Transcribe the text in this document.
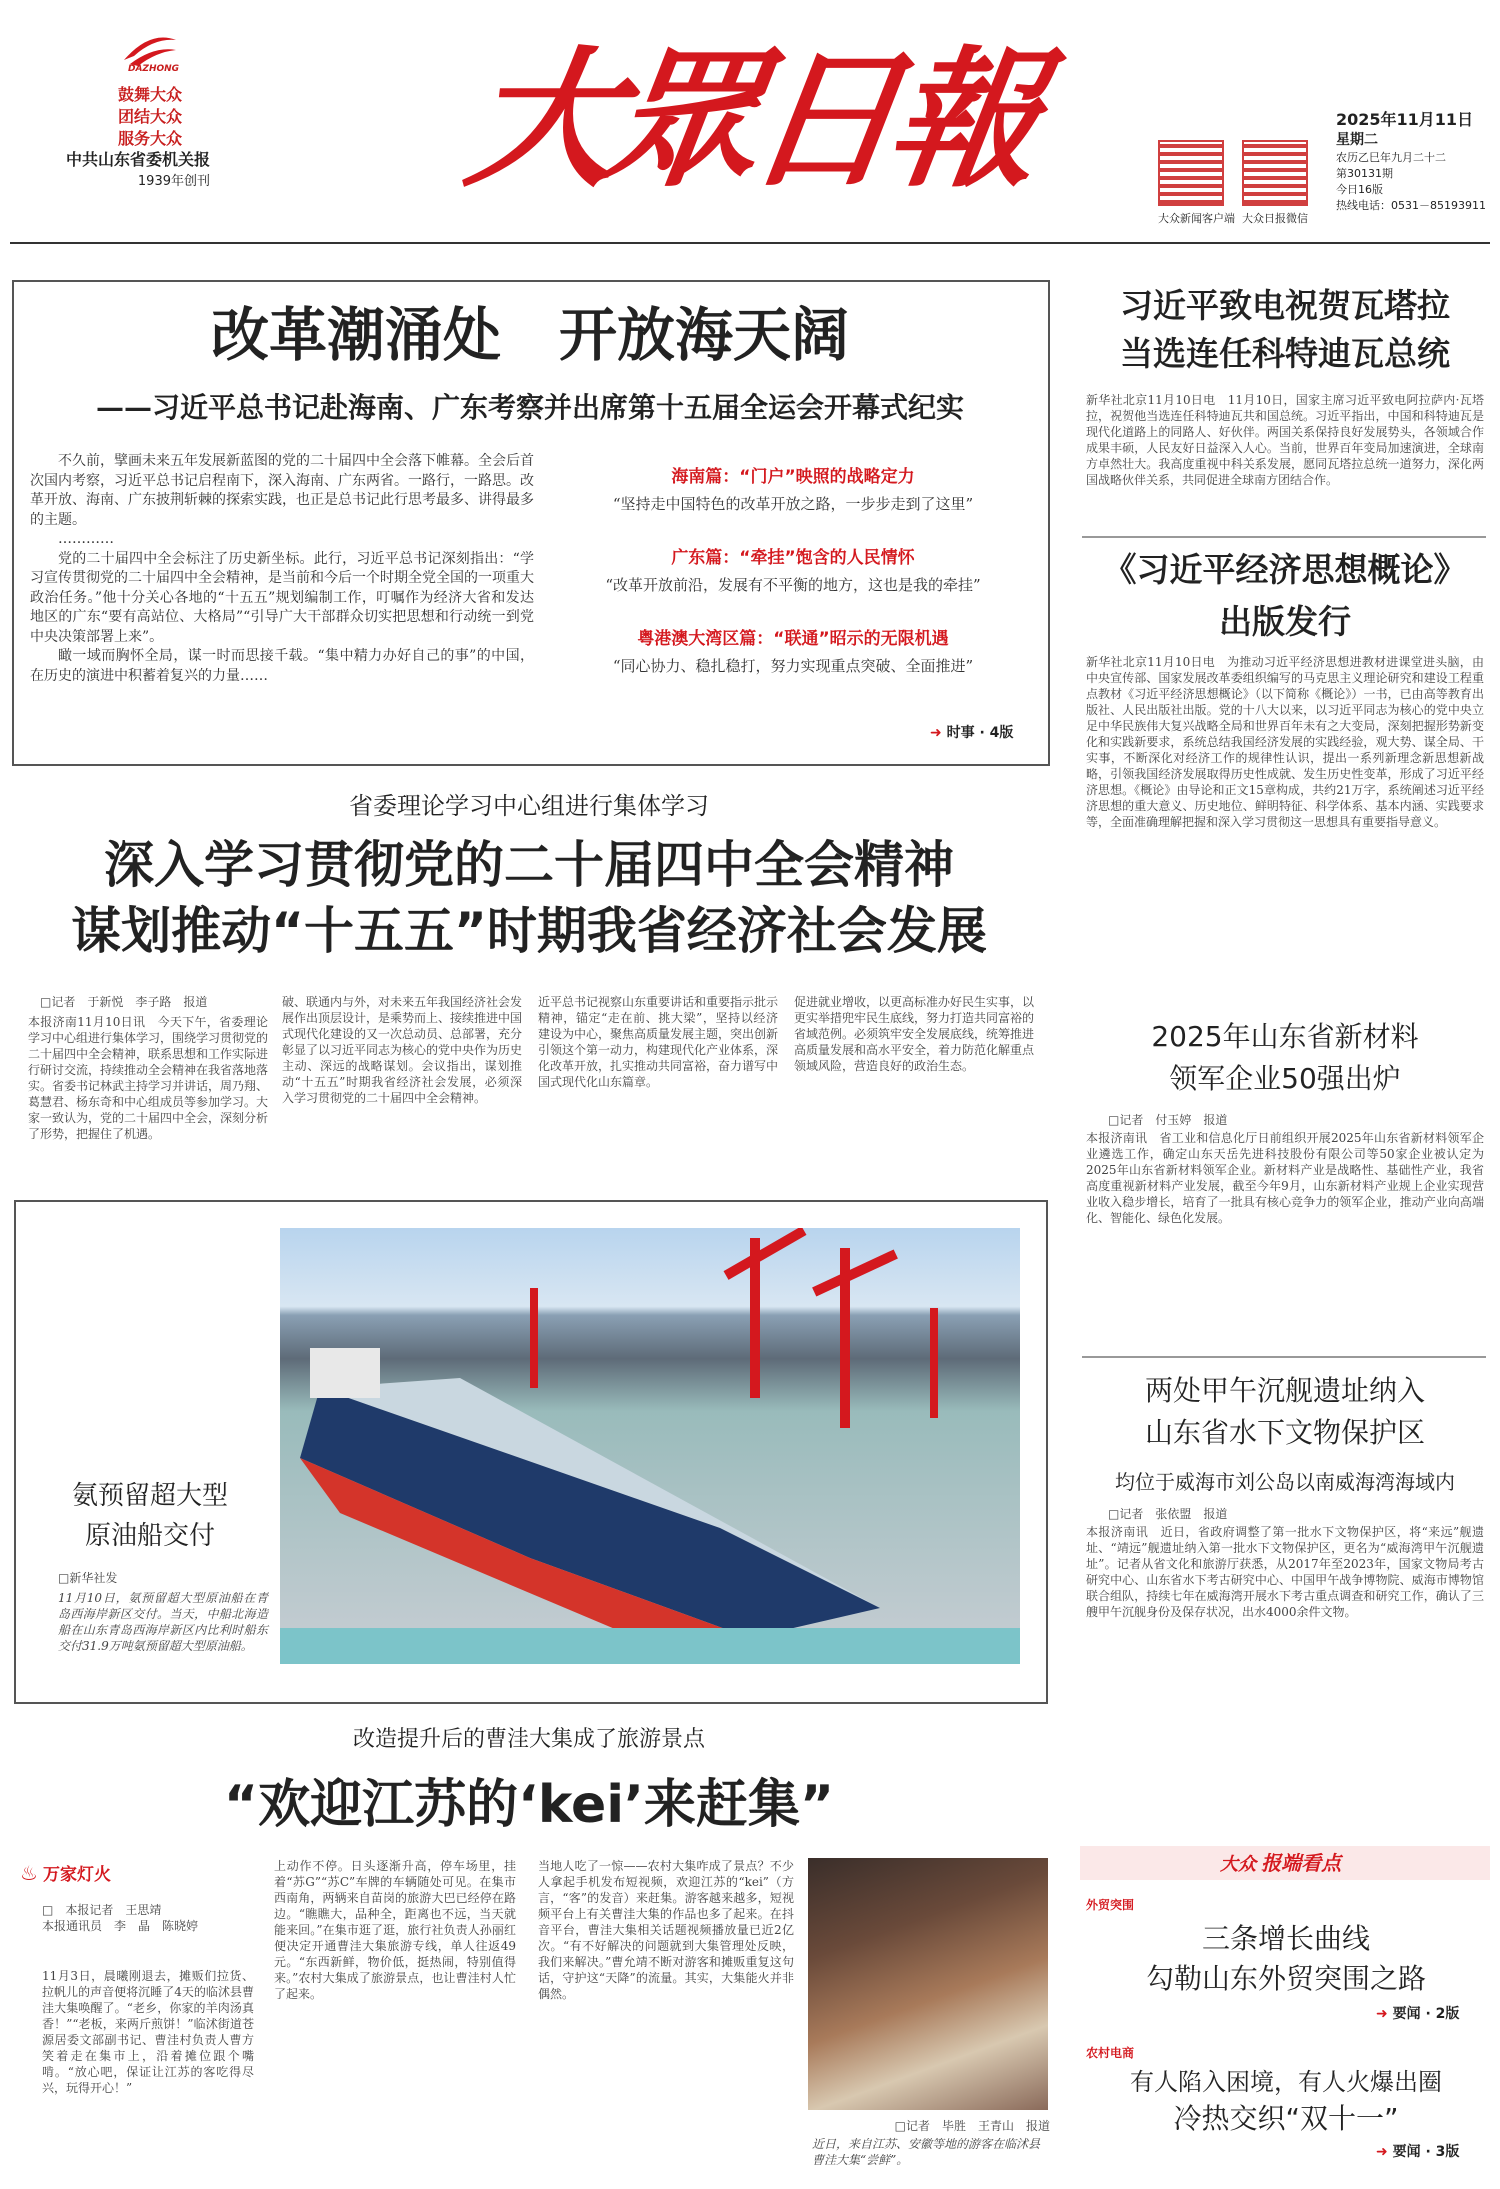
DAZHONG
鼓舞大众
团结大众
服务大众
中共山东省委机关报
1939年创刊 大眾日報
大众新闻客户端 大众日报微信
2025年11月11日
星期二
农历乙巳年九月二十二
第30131期
今日16版
热线电话：0531－85193911
改革潮涌处　开放海天阔
——习近平总书记赴海南、广东考察并出席第十五届全运会开幕式纪实
不久前，擘画未来五年发展新蓝图的党的二十届四中全会落下帷幕。全会后首次国内考察，习近平总书记启程南下，深入海南、广东两省。一路行，一路思。改革开放、海南、广东披荆斩棘的探索实践，也正是总书记此行思考最多、讲得最多的主题。
…………
党的二十届四中全会标注了历史新坐标。此行，习近平总书记深刻指出：“学习宣传贯彻党的二十届四中全会精神，是当前和今后一个时期全党全国的一项重大政治任务。”他十分关心各地的“十五五”规划编制工作，叮嘱作为经济大省和发达地区的广东“要有高站位、大格局”“引导广大干部群众切实把思想和行动统一到党中央决策部署上来”。
瞰一域而胸怀全局，谋一时而思接千载。“集中精力办好自己的事”的中国，在历史的演进中积蓄着复兴的力量……
海南篇：“门户”映照的战略定力
“坚持走中国特色的改革开放之路，一步步走到了这里”
广东篇：“牵挂”饱含的人民情怀
“改革开放前沿，发展有不平衡的地方，这也是我的牵挂”
粤港澳大湾区篇：“联通”昭示的无限机遇
“同心协力、稳扎稳打，努力实现重点突破、全面推进”
➜ 时事 · 4版
习近平致电祝贺瓦塔拉
当选连任科特迪瓦总统
新华社北京11月10日电　11月10日，国家主席习近平致电阿拉萨内·瓦塔拉，祝贺他当选连任科特迪瓦共和国总统。习近平指出，中国和科特迪瓦是现代化道路上的同路人、好伙伴。两国关系保持良好发展势头，各领域合作成果丰硕，人民友好日益深入人心。当前，世界百年变局加速演进，全球南方卓然壮大。我高度重视中科关系发展，愿同瓦塔拉总统一道努力，深化两国战略伙伴关系，共同促进全球南方团结合作。
《习近平经济思想概论》
出版发行
新华社北京11月10日电　为推动习近平经济思想进教材进课堂进头脑，由中央宣传部、国家发展改革委组织编写的马克思主义理论研究和建设工程重点教材《习近平经济思想概论》（以下简称《概论》）一书，已由高等教育出版社、人民出版社出版。党的十八大以来，以习近平同志为核心的党中央立足中华民族伟大复兴战略全局和世界百年未有之大变局，深刻把握形势新变化和实践新要求，系统总结我国经济发展的实践经验，观大势、谋全局、干实事，不断深化对经济工作的规律性认识，提出一系列新理念新思想新战略，引领我国经济发展取得历史性成就、发生历史性变革，形成了习近平经济思想。《概论》由导论和正文15章构成，共约21万字，系统阐述习近平经济思想的重大意义、历史地位、鲜明特征、科学体系、基本内涵、实践要求等，全面准确理解把握和深入学习贯彻这一思想具有重要指导意义。
省委理论学习中心组进行集体学习
深入学习贯彻党的二十届四中全会精神
谋划推动“十五五”时期我省经济社会发展
□记者　于新悦　李子路　报道
本报济南11月10日讯　今天下午，省委理论学习中心组进行集体学习，围绕学习贯彻党的二十届四中全会精神，联系思想和工作实际进行研讨交流，持续推动全会精神在我省落地落实。省委书记林武主持学习并讲话，周乃翔、葛慧君、杨东奇和中心组成员等参加学习。大家一致认为，党的二十届四中全会，深刻分析了形势，把握住了机遇。
破、联通内与外，对未来五年我国经济社会发展作出顶层设计，是乘势而上、接续推进中国式现代化建设的又一次总动员、总部署，充分彰显了以习近平同志为核心的党中央作为历史主动、深远的战略谋划。会议指出，谋划推动“十五五”时期我省经济社会发展，必须深入学习贯彻党的二十届四中全会精神。
近平总书记视察山东重要讲话和重要指示批示精神，锚定“走在前、挑大梁”，坚持以经济建设为中心，聚焦高质量发展主题，突出创新引领这个第一动力，构建现代化产业体系，深化改革开放，扎实推动共同富裕，奋力谱写中国式现代化山东篇章。
促进就业增收，以更高标准办好民生实事，以更实举措兜牢民生底线，努力打造共同富裕的省域范例。必须筑牢安全发展底线，统筹推进高质量发展和高水平安全，着力防范化解重点领域风险，营造良好的政治生态。
氨预留超大型
原油船交付
□新华社发
11月10日，氨预留超大型原油船在青岛西海岸新区交付。当天，中船北海造船在山东青岛西海岸新区内比利时船东交付31.9万吨氨预留超大型原油船。
2025年山东省新材料
领军企业50强出炉
□记者　付玉婷　报道
本报济南讯　省工业和信息化厅日前组织开展2025年山东省新材料领军企业遴选工作，确定山东天岳先进科技股份有限公司等50家企业被认定为2025年山东省新材料领军企业。新材料产业是战略性、基础性产业，我省高度重视新材料产业发展，截至今年9月，山东新材料产业规上企业实现营业收入稳步增长，培育了一批具有核心竞争力的领军企业，推动产业向高端化、智能化、绿色化发展。
两处甲午沉舰遗址纳入
山东省水下文物保护区
均位于威海市刘公岛以南威海湾海域内
□记者　张依盟　报道
本报济南讯　近日，省政府调整了第一批水下文物保护区，将“来远”舰遗址、“靖远”舰遗址纳入第一批水下文物保护区，更名为“威海湾甲午沉舰遗址”。记者从省文化和旅游厅获悉，从2017年至2023年，国家文物局考古研究中心、山东省水下考古研究中心、中国甲午战争博物院、威海市博物馆联合组队，持续七年在威海湾开展水下考古重点调查和研究工作，确认了三艘甲午沉舰身份及保存状况，出水4000余件文物。
改造提升后的曹洼大集成了旅游景点
“欢迎江苏的‘kei’来赶集”
♨ 万家灯火
□　本报记者　王思靖
本报通讯员　李　晶　陈晓婷
11月3日，晨曦刚退去，摊贩们拉货、拉帆儿的声音便将沉睡了4天的临沭县曹洼大集唤醒了。“老乡，你家的羊肉汤真香！”“老板，来两斤煎饼！”临沭街道苍源居委文部副书记、曹洼村负责人曹方笑着走在集市上，沿着摊位跟个嘴啃。“放心吧，保证让江苏的客吃得尽兴，玩得开心！”
上动作不停。日头逐渐升高，停车场里，挂着“苏G”“苏C”车牌的车辆随处可见。在集市西南角，两辆来自苗岗的旅游大巴已经停在路边。“瞧瞧大，品种全，距离也不远，当天就能来回。”在集市逛了逛，旅行社负责人孙丽红便决定开通曹洼大集旅游专线，单人往返49元。“东西新鲜，物价低，挺热闹，特别值得来。”农村大集成了旅游景点，也让曹洼村人忙了起来。
当地人吃了一惊——农村大集咋成了景点？不少人拿起手机发布短视频，欢迎江苏的“kei”（方言，“客”的发音）来赶集。游客越来越多，短视频平台上有关曹洼大集的作品也多了起来。在抖音平台，曹洼大集相关话题视频播放量已近2亿次。“有不好解决的问题就到大集管理处反映，我们来解决。”曹允靖不断对游客和摊贩重复这句话，守护这“天降”的流量。其实，大集能火并非偶然。
□记者　毕胜　王青山　报道
近日，来自江苏、安徽等地的游客在临沭县曹洼大集“尝鲜”。
大众 报端看点
外贸突围
三条增长曲线
勾勒山东外贸突围之路
➜ 要闻 · 2版
农村电商
有人陷入困境，有人火爆出圈
冷热交织“双十一”
➜ 要闻 · 3版
